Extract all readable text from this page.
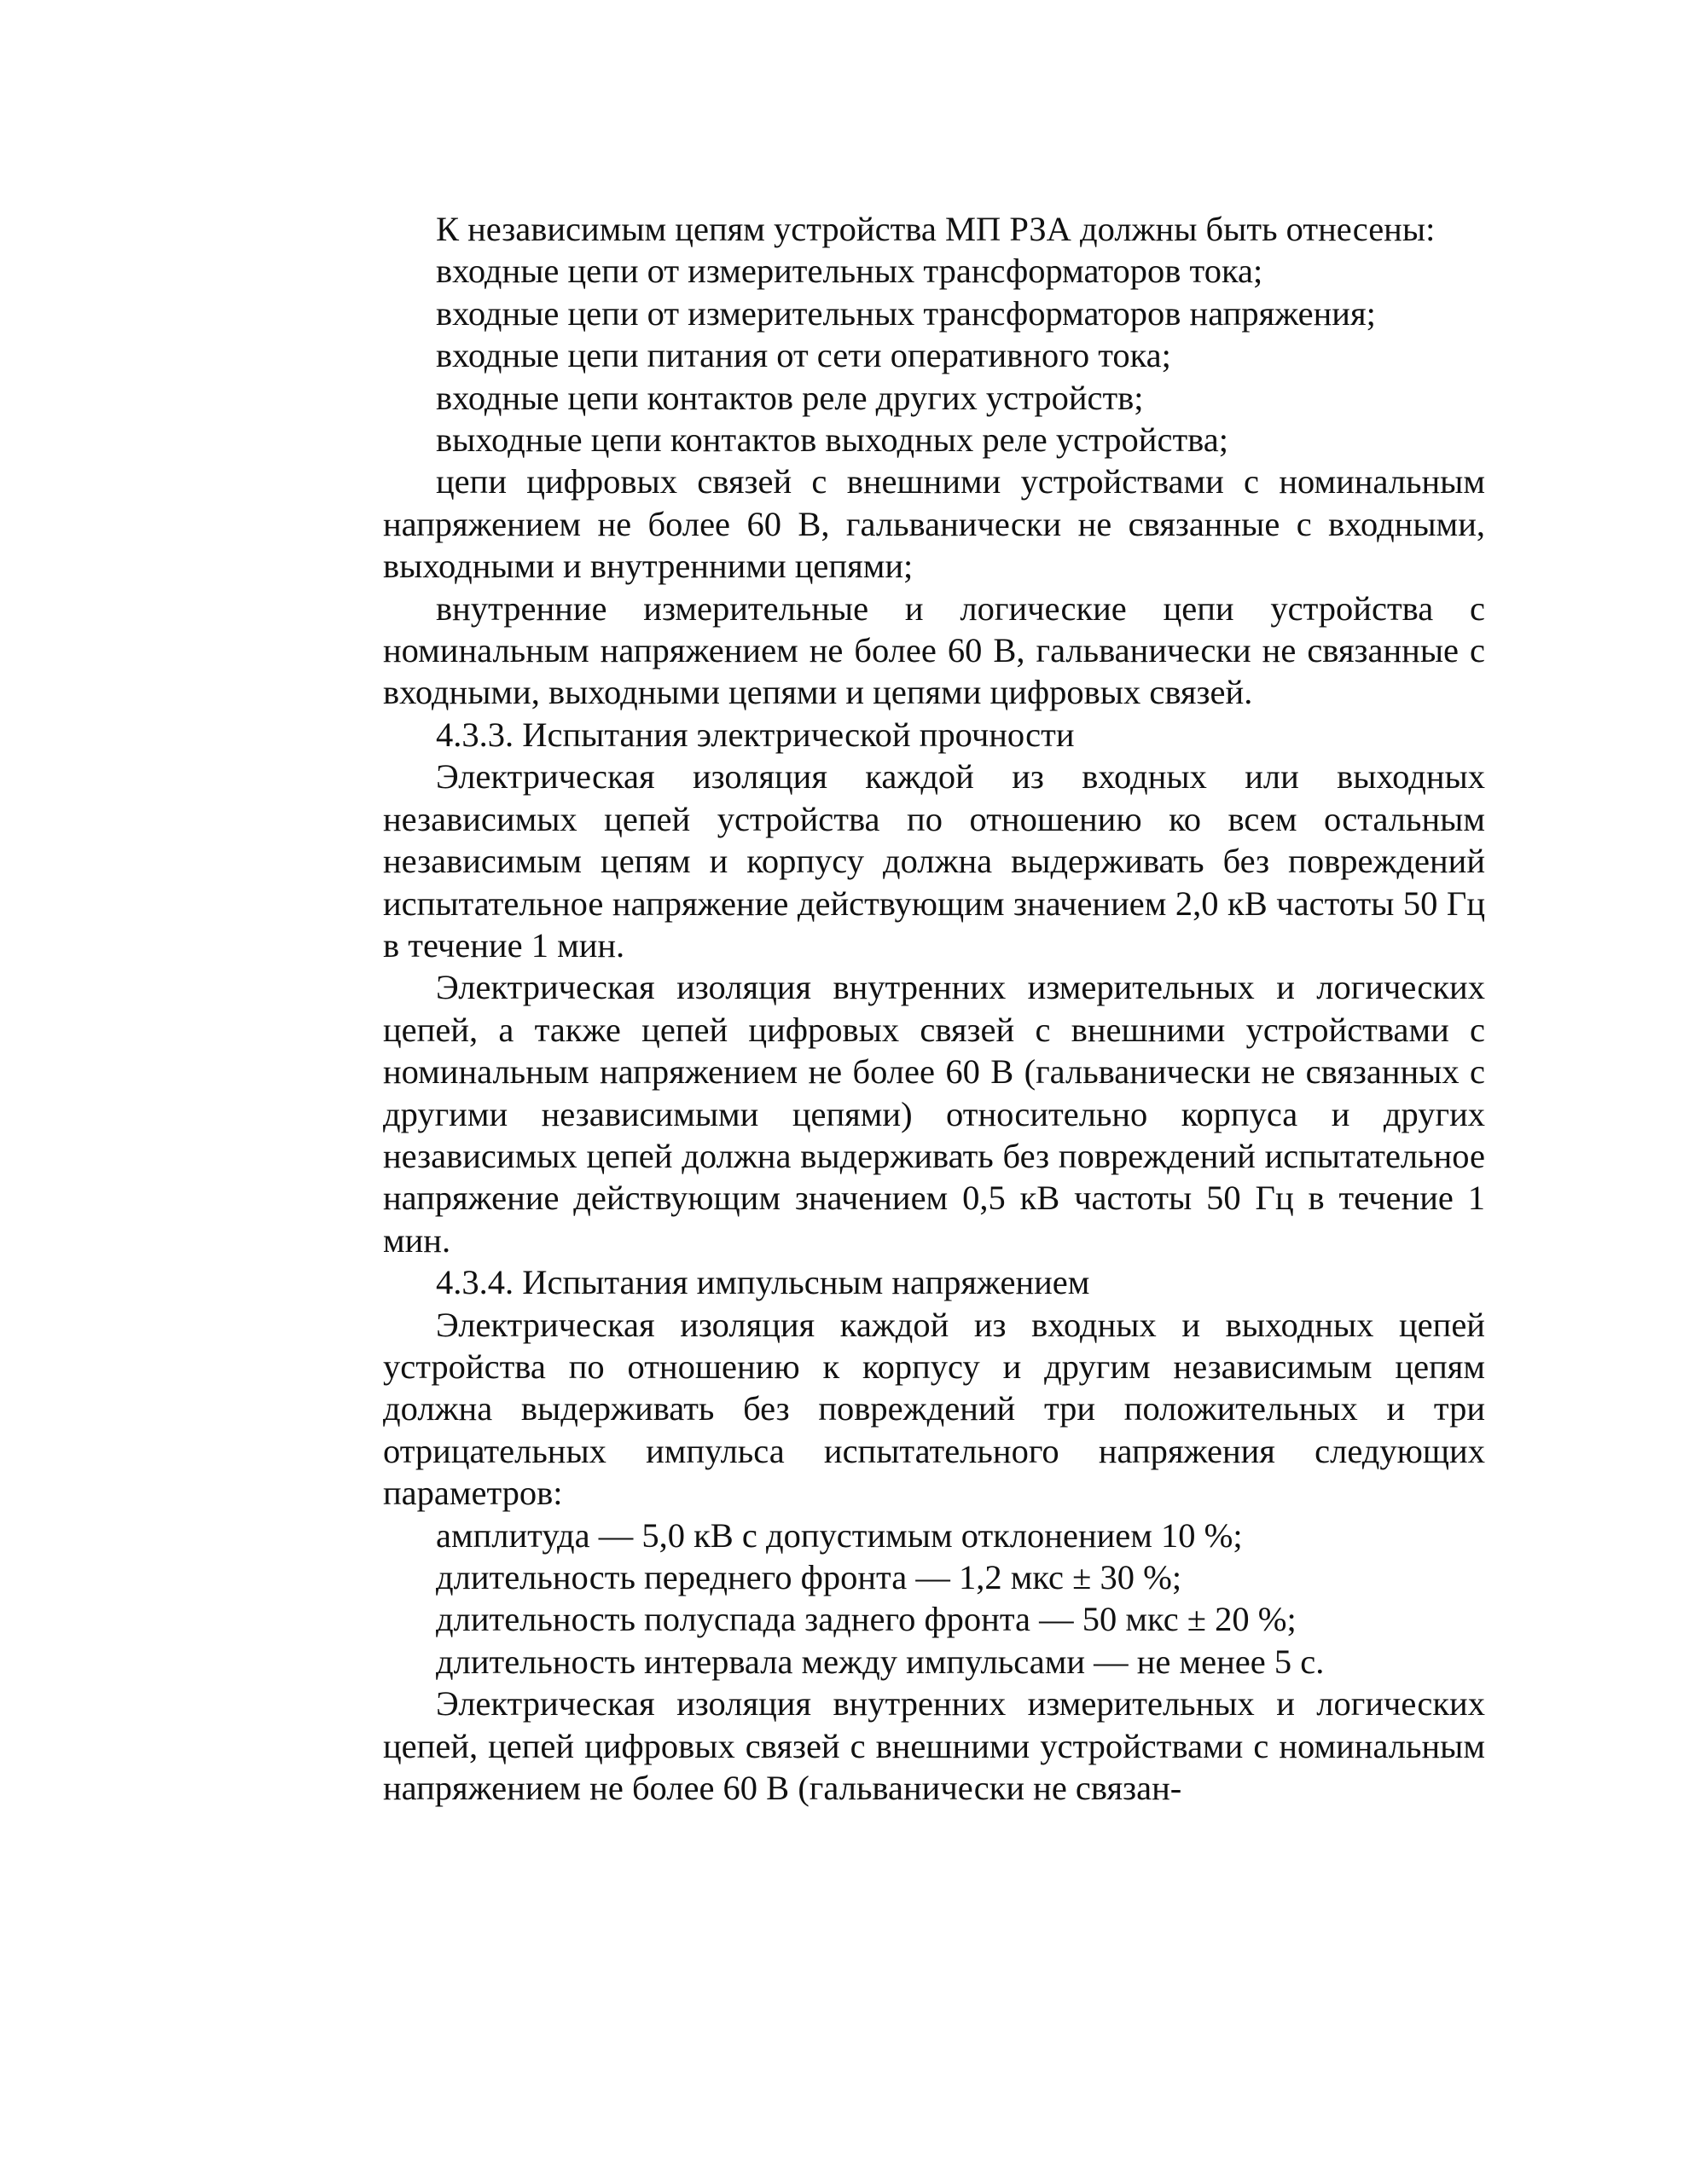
К независимым цепям устройства МП РЗА должны быть отнесены:

входные цепи от измерительных трансформаторов тока;

входные цепи от измерительных трансформаторов напряжения;

входные цепи питания от сети оперативного тока;

входные цепи контактов реле других устройств;

выходные цепи контактов выходных реле устройства;

цепи цифровых связей с внешними устройствами с номинальным напряжением не более 60 В, гальванически не связанные с входными, выходными и внутренними цепями;

внутренние измерительные и логические цепи устройства с номинальным напряжением не более 60 В, гальванически не связанные с входными, выходными цепями и цепями цифровых связей.

4.3.3. Испытания электрической прочности

Электрическая изоляция каждой из входных или выходных независимых цепей устройства по отношению ко всем остальным независимым цепям и корпусу должна выдерживать без повреждений испытательное напряжение действующим значением 2,0 кВ частоты 50 Гц в течение 1 мин.

Электрическая изоляция внутренних измерительных и логических цепей, а также цепей цифровых связей с внешними устройствами с номинальным напряжением не более 60 В (гальванически не связанных с другими независимыми цепями) относительно корпуса и других независимых цепей должна выдерживать без повреждений испытательное напряжение действующим значением 0,5 кВ частоты 50 Гц в течение 1 мин.

4.3.4. Испытания импульсным напряжением

Электрическая изоляция каждой из входных и выходных цепей устройства по отношению к корпусу и другим независимым цепям должна выдерживать без повреждений три положительных и три отрицательных импульса испытательного напряжения следующих параметров:

амплитуда — 5,0 кВ с допустимым отклонением 10 %;

длительность переднего фронта — 1,2 мкс ± 30 %;

длительность полуспада заднего фронта — 50 мкс ± 20 %;

длительность интервала между импульсами — не менее 5 с.

Электрическая изоляция внутренних измерительных и логических цепей, цепей цифровых связей с внешними устройствами с номинальным напряжением не более 60 В (гальванически не связан-
